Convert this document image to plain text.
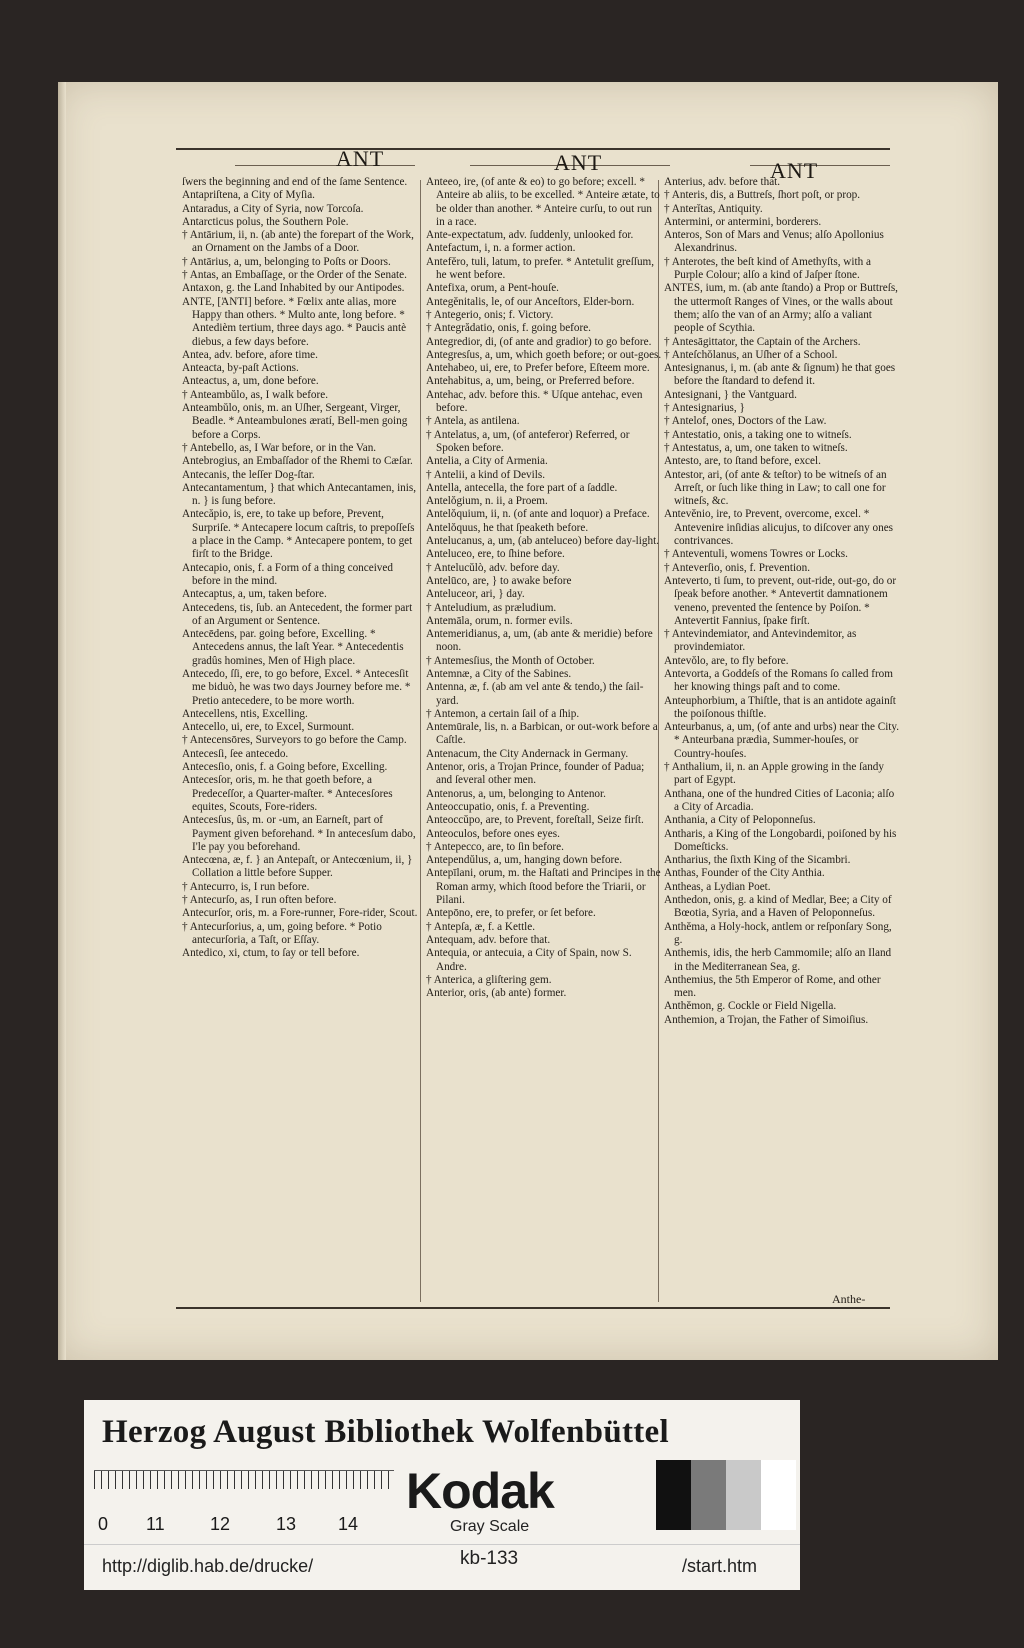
ANT	ANT	ANT

ſwers the beginning and end of the ſame Sentence.

Antapriſtena, a City of Myſia.

Antaradus, a City of Syria, now Torcoſa.

Antarcticus polus, the Southern Pole.

† Antārium, ii, n. (ab ante) the forepart of the Work, an Ornament on the Jambs of a Door.

† Antārius, a, um, belonging to Poſts or Doors.

† Antas, an Embaſſage, or the Order of the Senate.

Antaxon, g. the Land Inhabited by our Antipodes.

ANTE, [ἈΝΤΙ] before. * Fœlix ante alias, more Happy than others. * Multo ante, long before. * Antedièm tertium, three days ago. * Paucis antè diebus, a few days before.

Antea, adv. before, afore time.

Anteacta, by-paſt Actions.

Anteactus, a, um, done before.

† Anteambŭlo, as, I walk before.

Anteambŭlo, onis, m. an Uſher, Sergeant, Virger, Beadle. * Anteambulones æratí, Bell-men going before a Corps.

† Antebello, as, I War before, or in the Van.

Antebrogius, an Embaſſador of the Rhemi to Cæſar.

Antecanis, the leſſer Dog-ſtar.

Antecantamentum, } that which Antecantamen, inis, n. } is ſung before.

Antecăpio, is, ere, to take up before, Prevent, Surpriſe. * Antecapere locum caſtris, to prepoſſeſs a place in the Camp. * Antecapere pontem, to get firſt to the Bridge.

Antecapio, onis, f. a Form of a thing conceived before in the mind.

Antecaptus, a, um, taken before.

Antecedens, tis, ſub. an Antecedent, the former part of an Argument or Sentence.

Antecēdens, par. going before, Excelling. * Antecedens annus, the laſt Year. * Antecedentis gradûs homines, Men of High place.

Antecedo, ſſi, ere, to go before, Excel. * Antecesſit me biduò, he was two days Journey before me. * Pretio antecedere, to be more worth.

Antecellens, ntis, Excelling.

Antecello, ui, ere, to Excel, Surmount.

† Antecensōres, Surveyors to go before the Camp.

Antecesſi, ſee antecedo.

Antecesſio, onis, f. a Going before, Excelling.

Antecesſor, oris, m. he that goeth before, a Predeceſſor, a Quarter-maſter. * Antecesſores equites, Scouts, Fore-riders.

Antecesſus, ûs, m. or -um, an Earneſt, part of Payment given beforehand. * In antecesſum dabo, I'le pay you beforehand.

Antecœna, æ, f. } an Antepaſt, or Antecœnium, ii, } Collation a little before Supper.

† Antecurro, is, I run before.

† Antecurſo, as, I run often before.

Antecurſor, oris, m. a Fore-runner, Fore-rider, Scout.

† Antecurſorius, a, um, going before. * Potio antecurſoria, a Taſt, or Eſſay.

Antedico, xi, ctum, to ſay or tell before.

Anteeo, ire, (of ante & eo) to go before; excell. * Anteire ab aliis, to be excelled. * Anteire ætate, to be older than another. * Anteire curſu, to out run in a race.

Ante-expectatum, adv. ſuddenly, unlooked for.

Antefactum, i, n. a former action.

Antefĕro, tuli, latum, to prefer. * Antetulit greſſum, he went before.

Antefixa, orum, a Pent-houſe.

Antegĕnitalis, le, of our Anceſtors, Elder-born.

† Antegerio, onis; f. Victory.

† Antegrădatio, onis, f. going before.

Antegredior, di, (of ante and gradior) to go before.

Antegresſus, a, um, which goeth before; or out-goes.

Antehabeo, ui, ere, to Prefer before, Eſteem more.

Antehabitus, a, um, being, or Preferred before.

Antehac, adv. before this. * Uſque antehac, even before.

† Antela, as antilena.

† Antelatus, a, um, (of anteferor) Referred, or Spoken before.

Antelia, a City of Armenia.

† Antelii, a kind of Devils.

Antella, antecella, the fore part of a ſaddle.

Antelŏgium, n. ii, a Proem.

Antelŏquium, ii, n. (of ante and loquor) a Preface.

Antelŏquus, he that ſpeaketh before.

Antelucanus, a, um, (ab anteluceo) before day-light.

Anteluceo, ere, to ſhine before.

† Antelucŭlò, adv. before day.

Antelūco, are, } to awake before

Anteluceor, ari, } day.

† Anteludium, as præludium.

Antemāla, orum, n. former evils.

Antemeridianus, a, um, (ab ante & meridie) before noon.

† Antemesſius, the Month of October.

Antemnæ, a City of the Sabines.

Antenna, æ, f. (ab am vel ante & tendo,) the ſail-yard.

† Antemon, a certain ſail of a ſhip.

Antemūrale, lis, n. a Barbican, or out-work before a Caſtle.

Antenacum, the City Andernack in Germany.

Antenor, oris, a Trojan Prince, founder of Padua; and ſeveral other men.

Antenorus, a, um, belonging to Antenor.

Anteoccupatio, onis, f. a Preventing.

Anteoccŭpo, are, to Prevent, foreſtall, Seize firſt.

Anteoculos, before ones eyes.

† Antepecco, are, to ſin before.

Antependŭlus, a, um, hanging down before.

Antepīlani, orum, m. the Haſtati and Principes in the Roman army, which ſtood before the Triarii, or Pilani.

Antepōno, ere, to prefer, or ſet before.

† Antepſa, æ, f. a Kettle.

Antequam, adv. before that.

Antequia, or antecuia, a City of Spain, now S. Andre.

† Anterica, a gliſtering gem.

Anterior, oris, (ab ante) former.

Anterius, adv. before that.

† Anteris, dis, a Buttreſs, ſhort poſt, or prop.

† Anterĭtas, Antiquity.

Antermini, or antermini, borderers.

Anteros, Son of Mars and Venus; alſo Apollonius Alexandrinus.

† Anterotes, the beſt kind of Amethyſts, with a Purple Colour; alſo a kind of Jaſper ſtone.

ANTES, ium, m. (ab ante ſtando) a Prop or Buttreſs, the uttermoſt Ranges of Vines, or the walls about them; alſo the van of an Army; alſo a valiant people of Scythia.

† Antesāgittator, the Captain of the Archers.

† Anteſchŏlanus, an Uſher of a School.

Antesignanus, i, m. (ab ante & ſignum) he that goes before the ſtandard to defend it.

Antesignani, } the Vantguard.

† Antesignarius, }

† Antelof, ones, Doctors of the Law.

† Antestatio, onis, a taking one to witneſs.

† Antestatus, a, um, one taken to witneſs.

Antesto, are, to ſtand before, excel.

Antestor, ari, (of ante & teſtor) to be witneſs of an Arreſt, or ſuch like thing in Law; to call one for witneſs, &c.

Antevĕnio, ire, to Prevent, overcome, excel. * Antevenire inſidias alicujus, to diſcover any ones contrivances.

† Anteventuli, womens Towres or Locks.

† Anteverſio, onis, f. Prevention.

Anteverto, ti ſum, to prevent, out-ride, out-go, do or ſpeak before another. * Antevertit damnationem veneno, prevented the ſentence by Poiſon. * Antevertit Fannius, ſpake firſt.

† Antevindemiator, and Antevindemitor, as provindemiator.

Antevŏlo, are, to fly before.

Antevorta, a Goddeſs of the Romans ſo called from her knowing things paſt and to come.

Anteuphorbium, a Thiſtle, that is an antidote againſt the poiſonous thiſtle.

Anteurbanus, a, um, (of ante and urbs) near the City. * Anteurbana prædia, Summer-houſes, or Country-houſes.

† Anthalium, ii, n. an Apple growing in the ſandy part of Egypt.

Anthana, one of the hundred Cities of Laconia; alſo a City of Arcadia.

Anthania, a City of Peloponneſus.

Antharis, a King of the Longobardi, poiſoned by his Domeſticks.

Antharius, the ſixth King of the Sicambri.

Anthas, Founder of the City Anthia.

Antheas, a Lydian Poet.

Anthedon, onis, g. a kind of Medlar, Bee; a City of Bœotia, Syria, and a Haven of Peloponneſus.

Anthĕma, a Holy-hock, antlem or reſponſary Song, g.

Anthemis, idis, the herb Cammomile; alſo an Iland in the Mediterranean Sea, g.

Anthemius, the 5th Emperor of Rome, and other men.

Anthĕmon, g. Cockle or Field Nigella.

Anthemion, a Trojan, the Father of Simoiſius.

Anthe-
Herzog August Bibliothek Wolfenbüttel
0 11	12	13 14
Kodak
Gray Scale
http://diglib.hab.de/drucke/	kb-133	/start.htm
